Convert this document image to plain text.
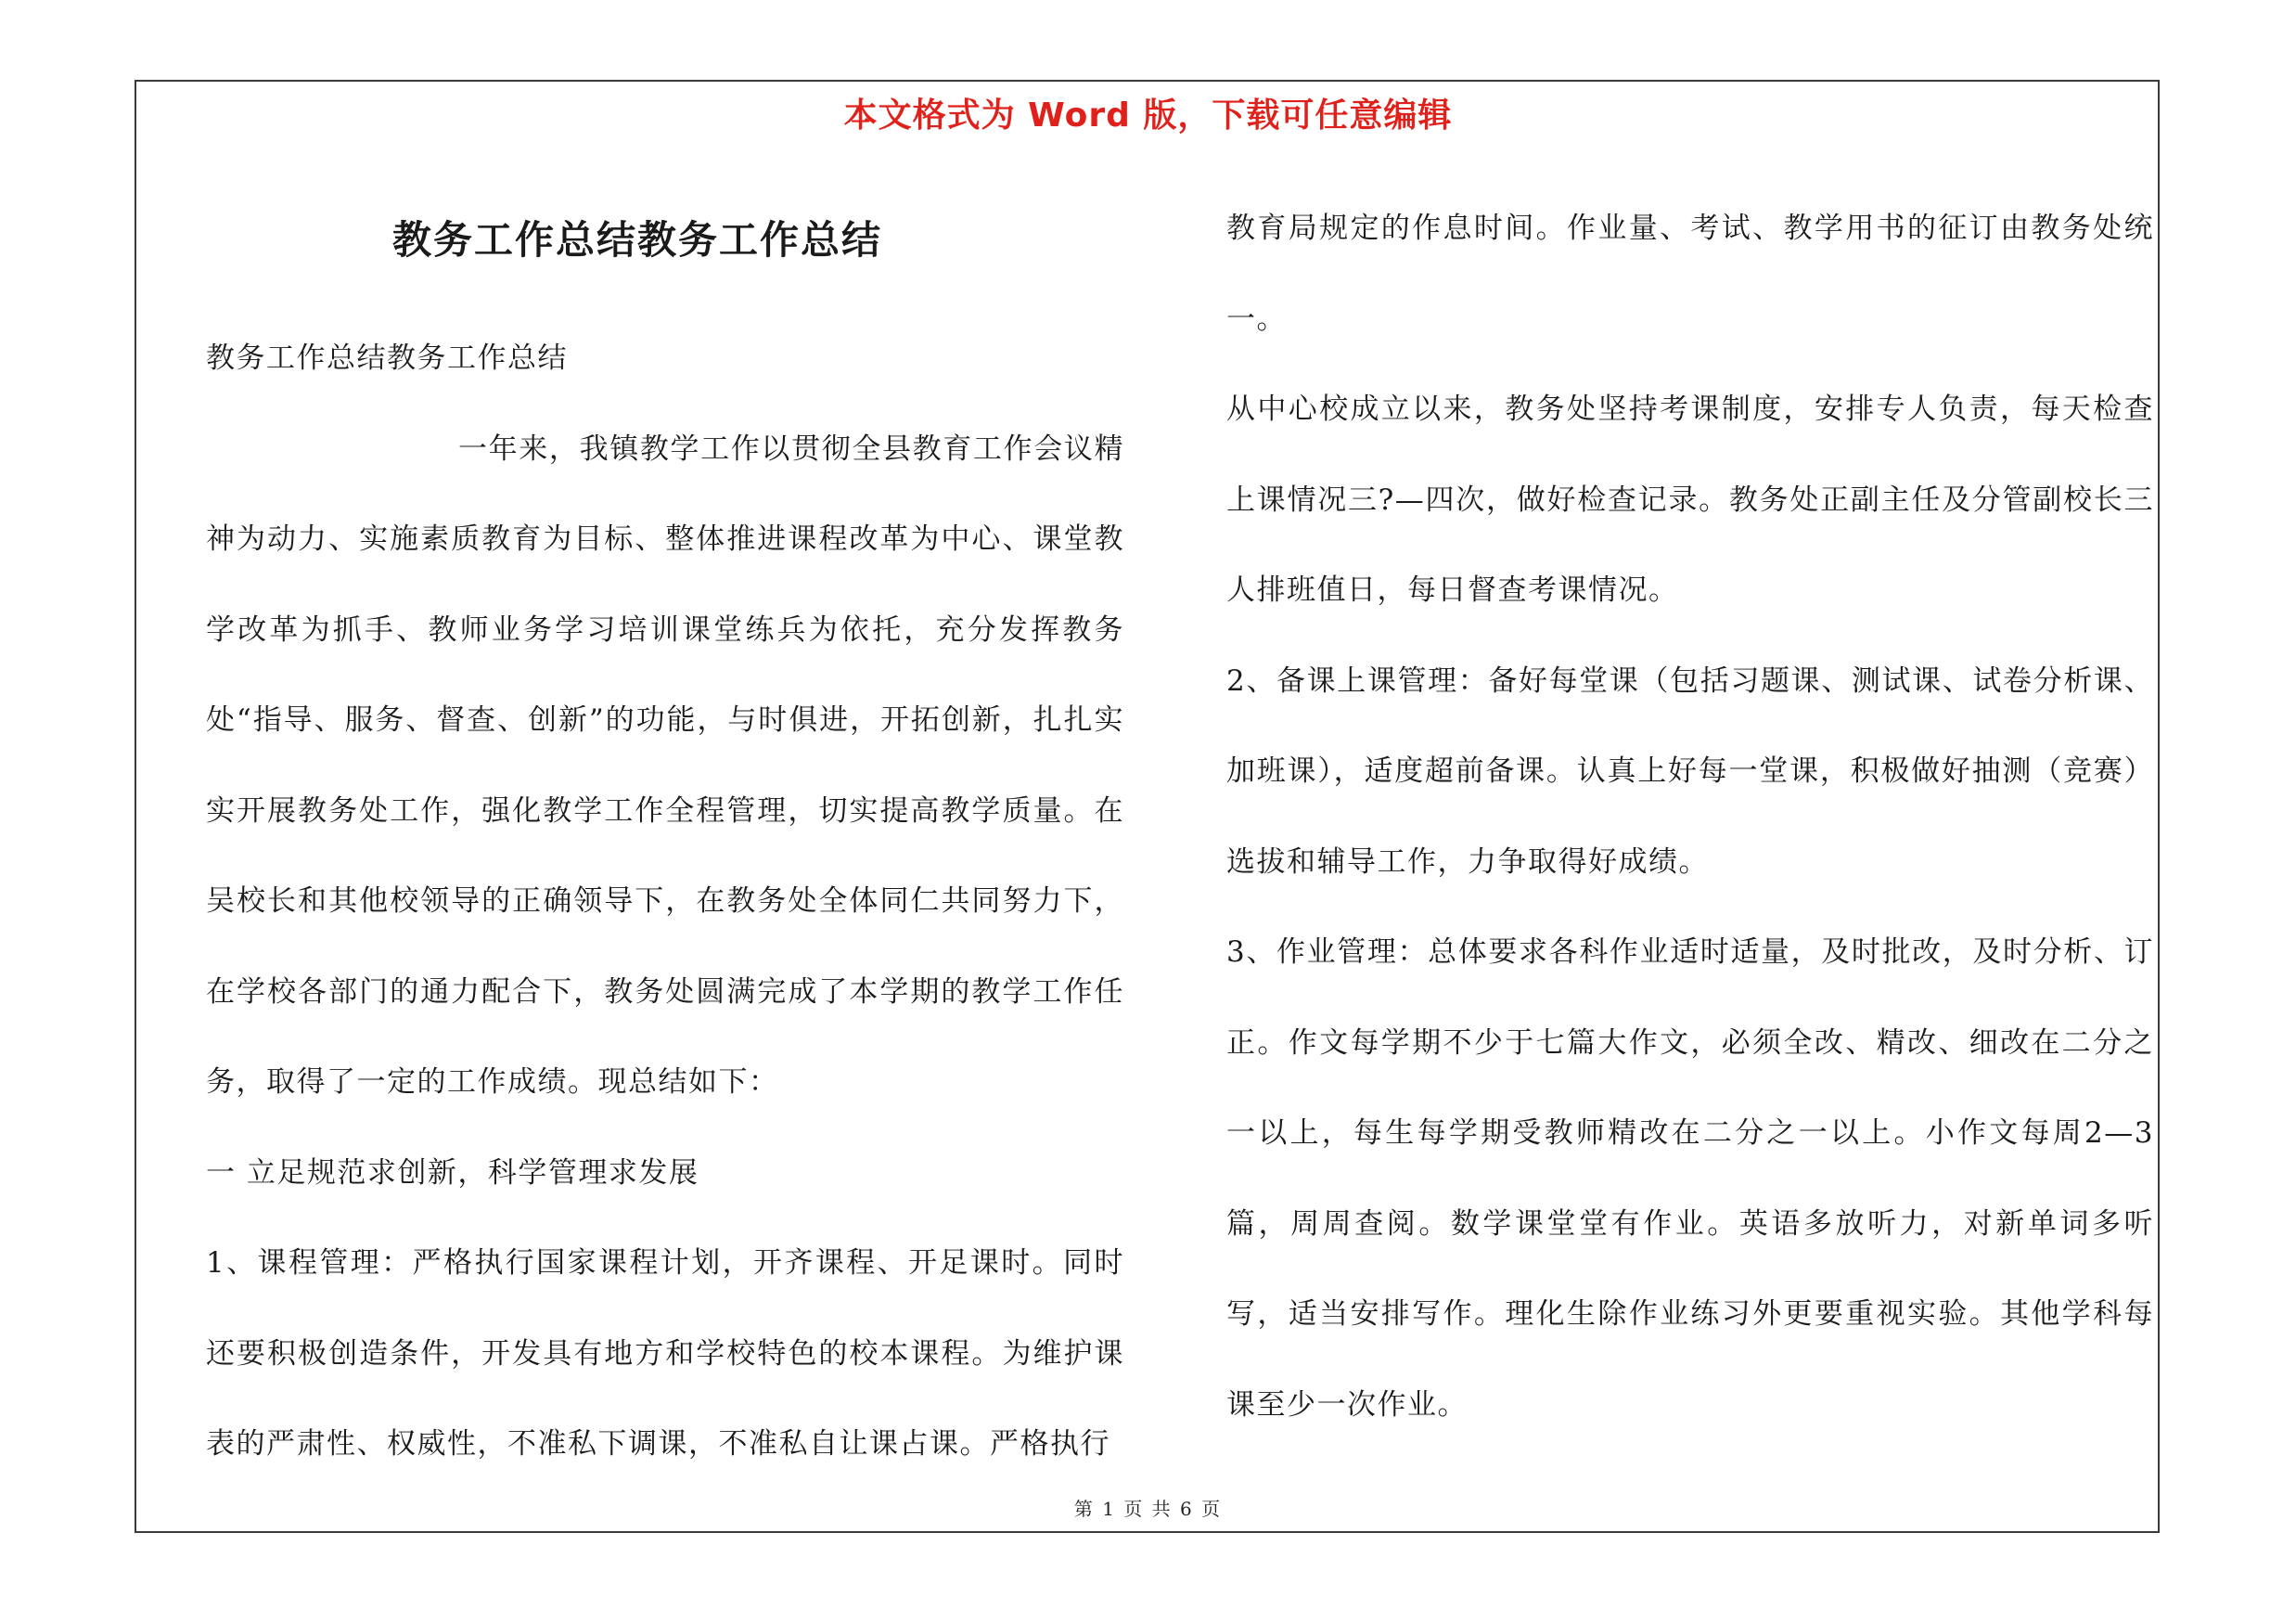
本文格式为 Word 版，下载可任意编辑
教务工作总结教务工作总结

教务工作总结教务工作总结

一年来，我镇教学工作以贯彻全县教育工作会议精神为动力、实施素质教育为目标、整体推进课程改革为中心、课堂教学改革为抓手、教师业务学习培训课堂练兵为依托，充分发挥教务处“指导、服务、督查、创新”的功能，与时俱进，开拓创新，扎扎实实开展教务处工作，强化教学工作全程管理，切实提高教学质量。在吴校长和其他校领导的正确领导下，在教务处全体同仁共同努力下，在学校各部门的通力配合下，教务处圆满完成了本学期的教学工作任务，取得了一定的工作成绩。现总结如下：

一 立足规范求创新，科学管理求发展

1、课程管理：严格执行国家课程计划，开齐课程、开足课时。同时还要积极创造条件，开发具有地方和学校特色的校本课程。为维护课表的严肃性、权威性，不准私下调课，不准私自让课占课。严格执行

教育局规定的作息时间。作业量、考试、教学用书的征订由教务处统一。

从中心校成立以来，教务处坚持考课制度，安排专人负责，每天检查上课情况三?—四次，做好检查记录。教务处正副主任及分管副校长三人排班值日，每日督查考课情况。

2、备课上课管理：备好每堂课（包括习题课、测试课、试卷分析课、加班课），适度超前备课。认真上好每一堂课，积极做好抽测（竞赛）选拔和辅导工作，力争取得好成绩。

3、作业管理：总体要求各科作业适时适量，及时批改，及时分析、订正。作文每学期不少于七篇大作文，必须全改、精改、细改在二分之一以上，每生每学期受教师精改在二分之一以上。小作文每周2—3 篇，周周查阅。数学课堂堂有作业。英语多放听力，对新单词多听写，适当安排写作。理化生除作业练习外更要重视实验。其他学科每课至少一次作业。

第 1 页 共 6 页
